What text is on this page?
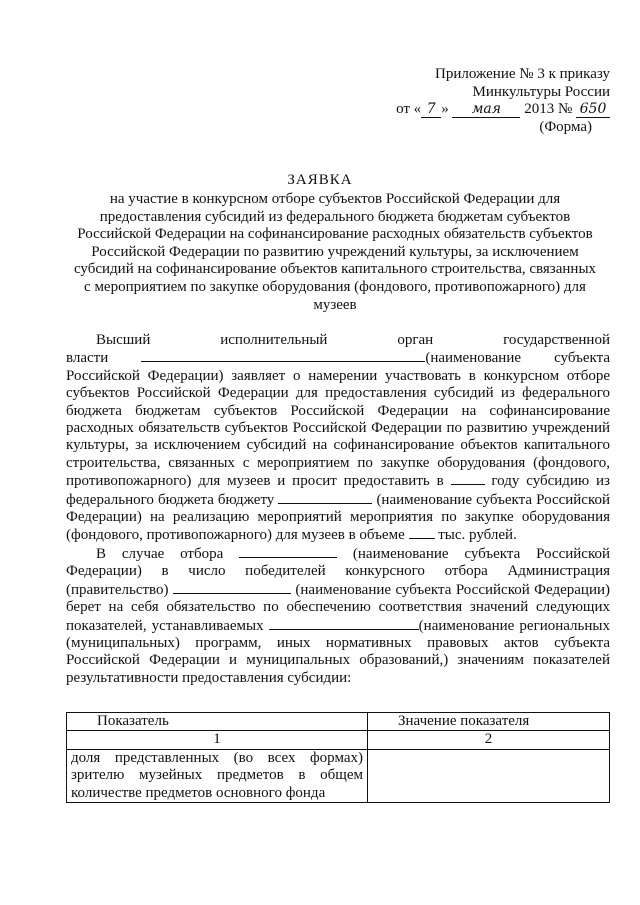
Приложение № 3 к приказу
Минкультуры России
от « 7 » мая 2013 № 650
(Форма)
ЗАЯВКА
на участие в конкурсном отборе субъектов Российской Федерации для предоставления субсидий из федерального бюджета бюджетам субъектов Российской Федерации на софинансирование расходных обязательств субъектов Российской Федерации по развитию учреждений культуры, за исключением субсидий на софинансирование объектов капитального строительства, связанных с мероприятием по закупке оборудования (фондового, противопожарного) для музеев

Высший исполнительный орган государственной власти	(наименование субъекта Российской Федерации) заявляет о намерении участвовать в конкурсном отборе субъектов Российской Федерации для предоставления субсидий из федерального бюджета бюджетам субъектов Российской Федерации на софинансирование расходных обязательств субъектов Российской Федерации по развитию учреждений культуры, за исключением субсидий на софинансирование объектов капитального строительства, связанных с мероприятием по закупке оборудования (фондового, противопожарного) для музеев и просит предоставить в	году субсидию из федерального бюджета бюджету	(наименование субъекта Российской Федерации) на реализацию мероприятий мероприятия по закупке оборудования (фондового, противопожарного) для музеев в объеме тыс. рублей.

В случае отбора	(наименование субъекта Российской Федерации) в число победителей конкурсного отбора Администрация (правительство)	(наименование субъекта Российской Федерации) берет на себя обязательство по обеспечению соответствия значений следующих показателей, устанавливаемых	(наименование региональных (муниципальных) программ, иных нормативных правовых актов субъекта Российской Федерации и муниципальных образований,) значениям показателей результативности предоставления субсидии:

Показатель	Значение показателя
1	2
доля представленных (во всех формах) зрителю музейных предметов в общем количестве предметов основного фонда	
